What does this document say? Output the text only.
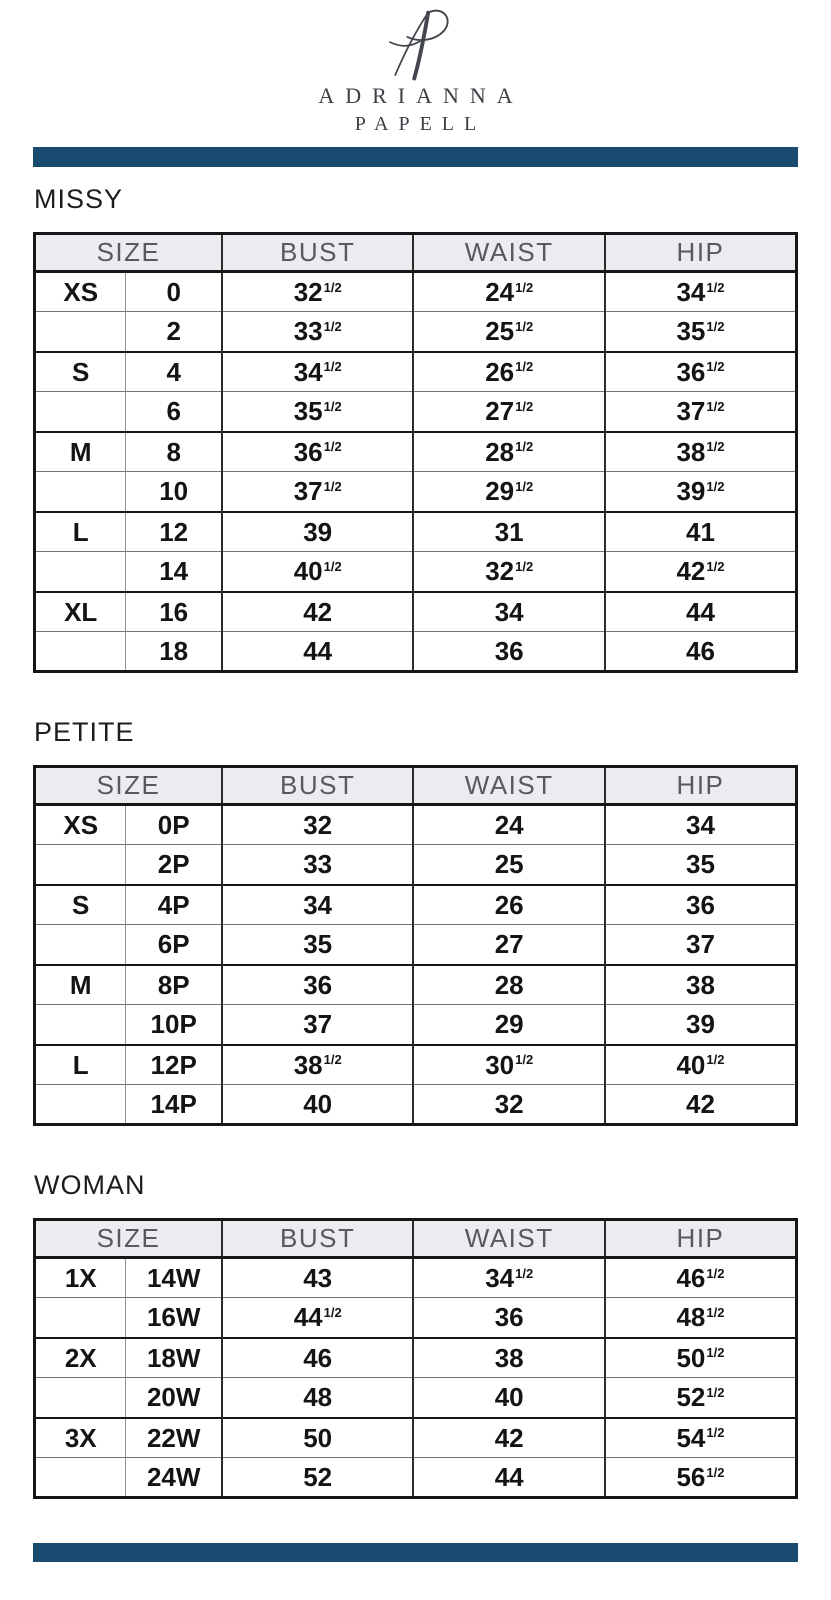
ADRIANNA
PAPELL
MISSY
SIZE		BUST	WAIST	HIP
XS	0	$32^{1/2}$	$24^{1/2}$	$34^{1/2}$
	2	$33^{1/2}$	$25^{1/2}$	$35^{1/2}$
S	4	$34^{1/2}$	$26^{1/2}$	$36^{1/2}$
	6	$35^{1/2}$	$27^{1/2}$	$37^{1/2}$
M	8	$36^{1/2}$	$28^{1/2}$	$38^{1/2}$
	10	$37^{1/2}$	$29^{1/2}$	$39^{1/2}$
L	12	39	31	41
	14	$40^{1/2}$	$32^{1/2}$	$42^{1/2}$
XL	16	42	34	44
	18	44	36	46
PETITE
SIZE		BUST	WAIST	HIP
XS	0P	32	24	34
	2P	33	25	35
S	4P	34	26	36
	6P	35	27	37
M	8P	36	28	38
	10P	37	29	39
L	12P	$38^{1/2}$	$30^{1/2}$	$40^{1/2}$
	14P	40	32	42
WOMAN
SIZE		BUST	WAIST	HIP
1X	14W	43	$34^{1/2}$	$46^{1/2}$
	16W	$44^{1/2}$	36	$48^{1/2}$
2X	18W	46	38	$50^{1/2}$
	20W	48	40	$52^{1/2}$
3X	22W	50	42	$54^{1/2}$
	24W	52	44	$56^{1/2}$
